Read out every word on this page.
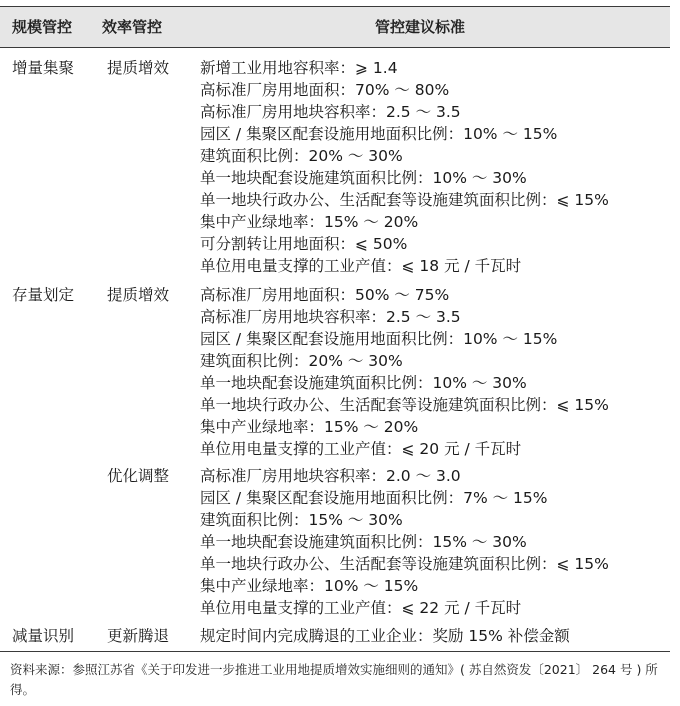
规模管控 效率管控	管控建议标准
增量集聚 提质增效 新增工业用地容积率：⩾ 1.4
高标准厂房用地面积：70% ～ 80%
高标准厂房用地块容积率：2.5 ～ 3.5
园区 / 集聚区配套设施用地面积比例：10% ～ 15%
建筑面积比例：20% ～ 30%
单一地块配套设施建筑面积比例：10% ～ 30%
单一地块行政办公、生活配套等设施建筑面积比例：⩽ 15%
集中产业绿地率：15% ～ 20%
可分割转让用地面积：⩽ 50%
单位用电量支撑的工业产值：⩽ 18 元 / 千瓦时
存量划定 提质增效 高标准厂房用地面积：50% ～ 75%
高标准厂房用地块容积率：2.5 ～ 3.5
园区 / 集聚区配套设施用地面积比例：10% ～ 15%
建筑面积比例：20% ～ 30%
单一地块配套设施建筑面积比例：10% ～ 30%
单一地块行政办公、生活配套等设施建筑面积比例：⩽ 15%
集中产业绿地率：15% ～ 20%
单位用电量支撑的工业产值：⩽ 20 元 / 千瓦时
优化调整 高标准厂房用地块容积率：2.0 ～ 3.0
园区 / 集聚区配套设施用地面积比例：7% ～ 15%
建筑面积比例：15% ～ 30%
单一地块配套设施建筑面积比例：15% ～ 30%
单一地块行政办公、生活配套等设施建筑面积比例：⩽ 15%
集中产业绿地率：10% ～ 15%
单位用电量支撑的工业产值：⩽ 22 元 / 千瓦时
减量识别 更新腾退 规定时间内完成腾退的工业企业：奖励 15% 补偿金额
资料来源：参照江苏省《关于印发进一步推进工业用地提质增效实施细则的通知》( 苏自然资发〔2021〕 264 号 ) 所得。
